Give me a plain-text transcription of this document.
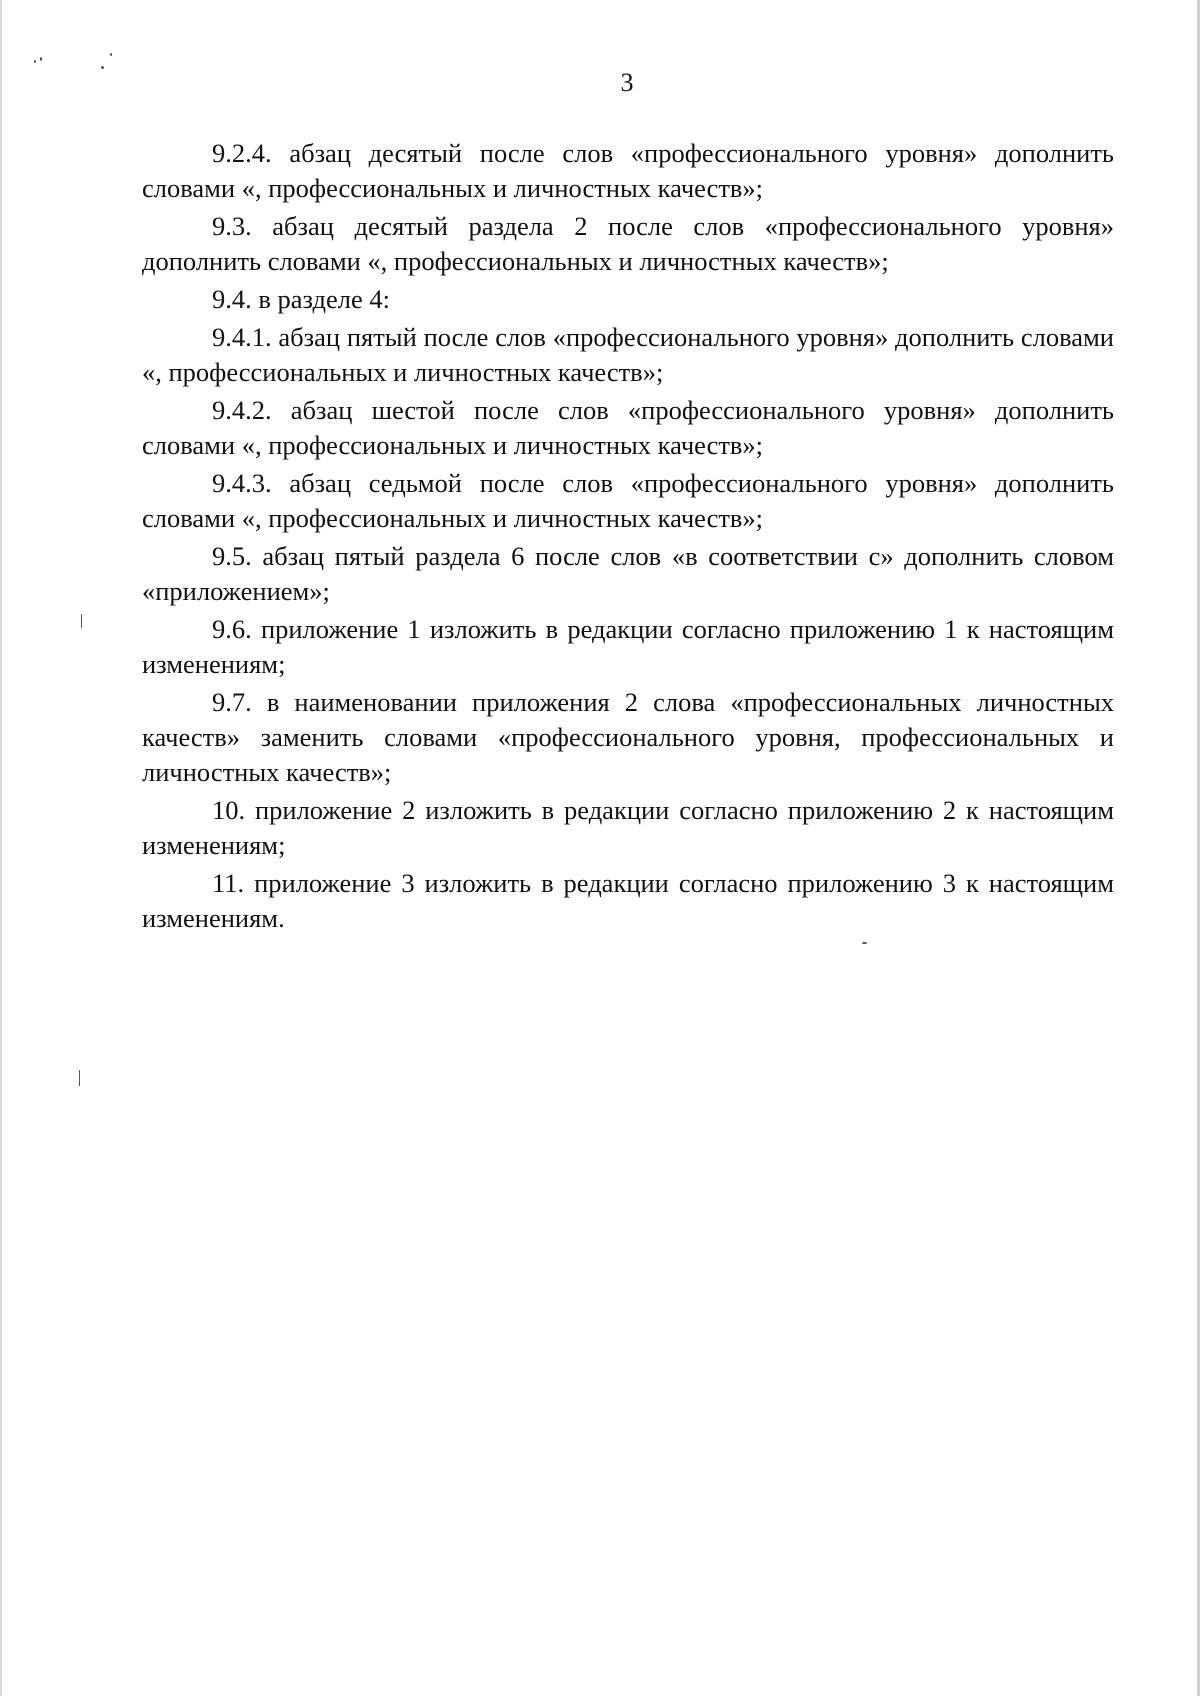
3

9.2.4. абзац десятый после слов «профессионального уровня» дополнить словами «, профессиональных и личностных качеств»;

9.3. абзац десятый раздела 2 после слов «профессионального уровня» дополнить словами «, профессиональных и личностных качеств»;

9.4. в разделе 4:

9.4.1. абзац пятый после слов «профессионального уровня» дополнить словами «, профессиональных и личностных качеств»;

9.4.2. абзац шестой после слов «профессионального уровня» дополнить словами «, профессиональных и личностных качеств»;

9.4.3. абзац седьмой после слов «профессионального уровня» дополнить словами «, профессиональных и личностных качеств»;

9.5. абзац пятый раздела 6 после слов «в соответствии с» дополнить словом «приложением»;

9.6. приложение 1 изложить в редакции согласно приложению 1 к настоящим изменениям;

9.7. в наименовании приложения 2 слова «профессиональных личностных качеств» заменить словами «профессионального уровня, профессиональных и личностных качеств»;

10. приложение 2 изложить в редакции согласно приложению 2 к настоящим изменениям;

11. приложение 3 изложить в редакции согласно приложению 3 к настоящим изменениям.
